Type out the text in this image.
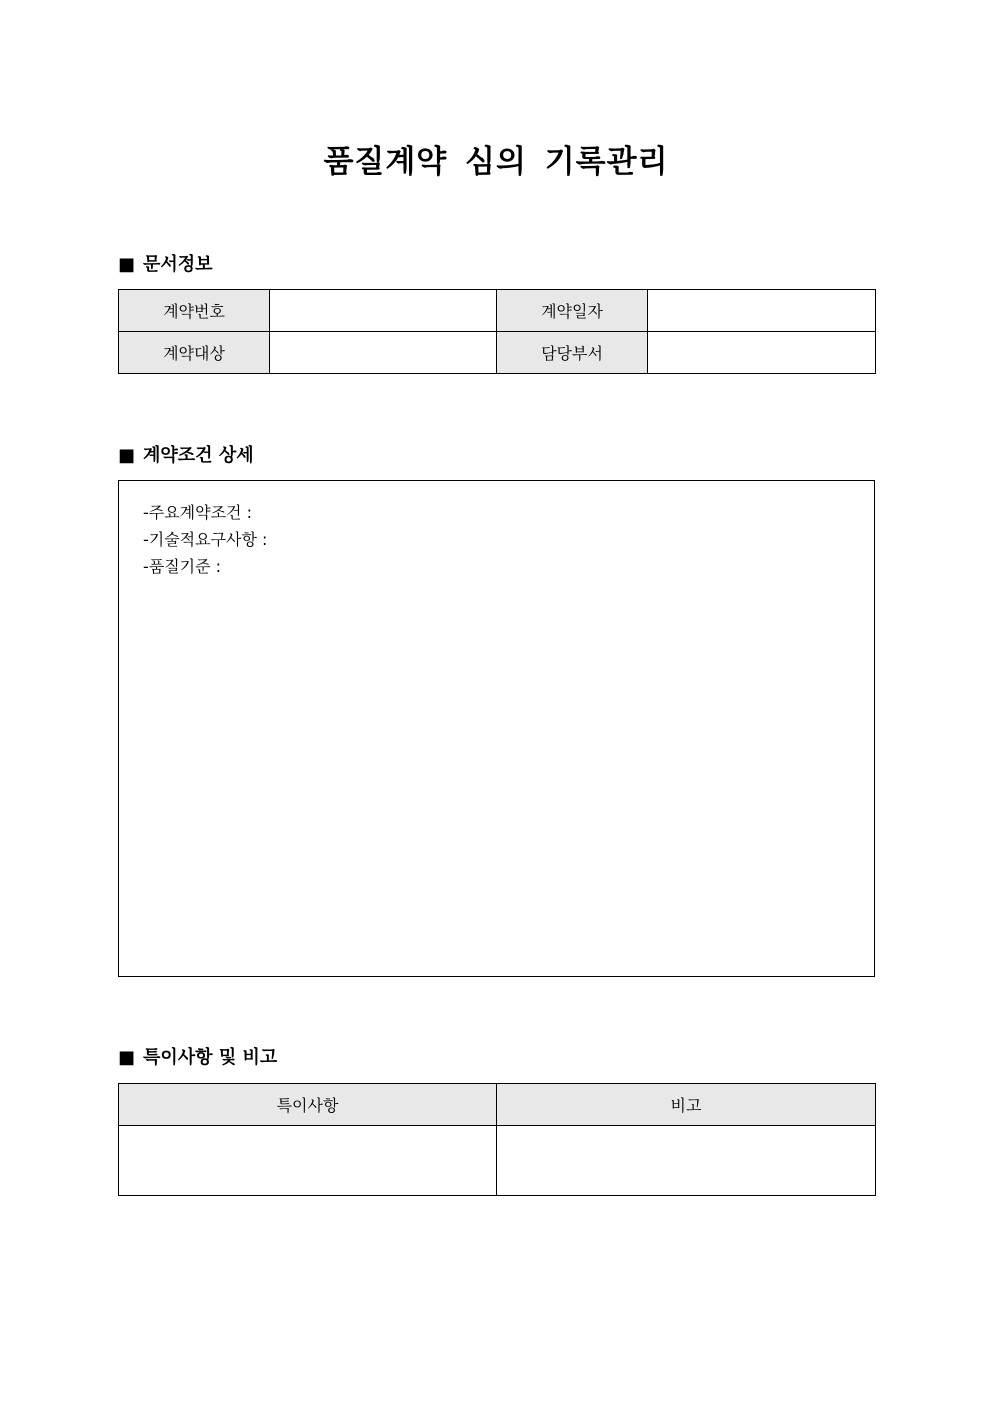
품질계약 심의 기록관리
■ 문서정보
계약번호		계약일자	
계약대상		담당부서	
■ 계약조건 상세
-주요계약조건 :
-기술적요구사항 :
-품질기준 :
■ 특이사항 및 비고
특이사항	비고
